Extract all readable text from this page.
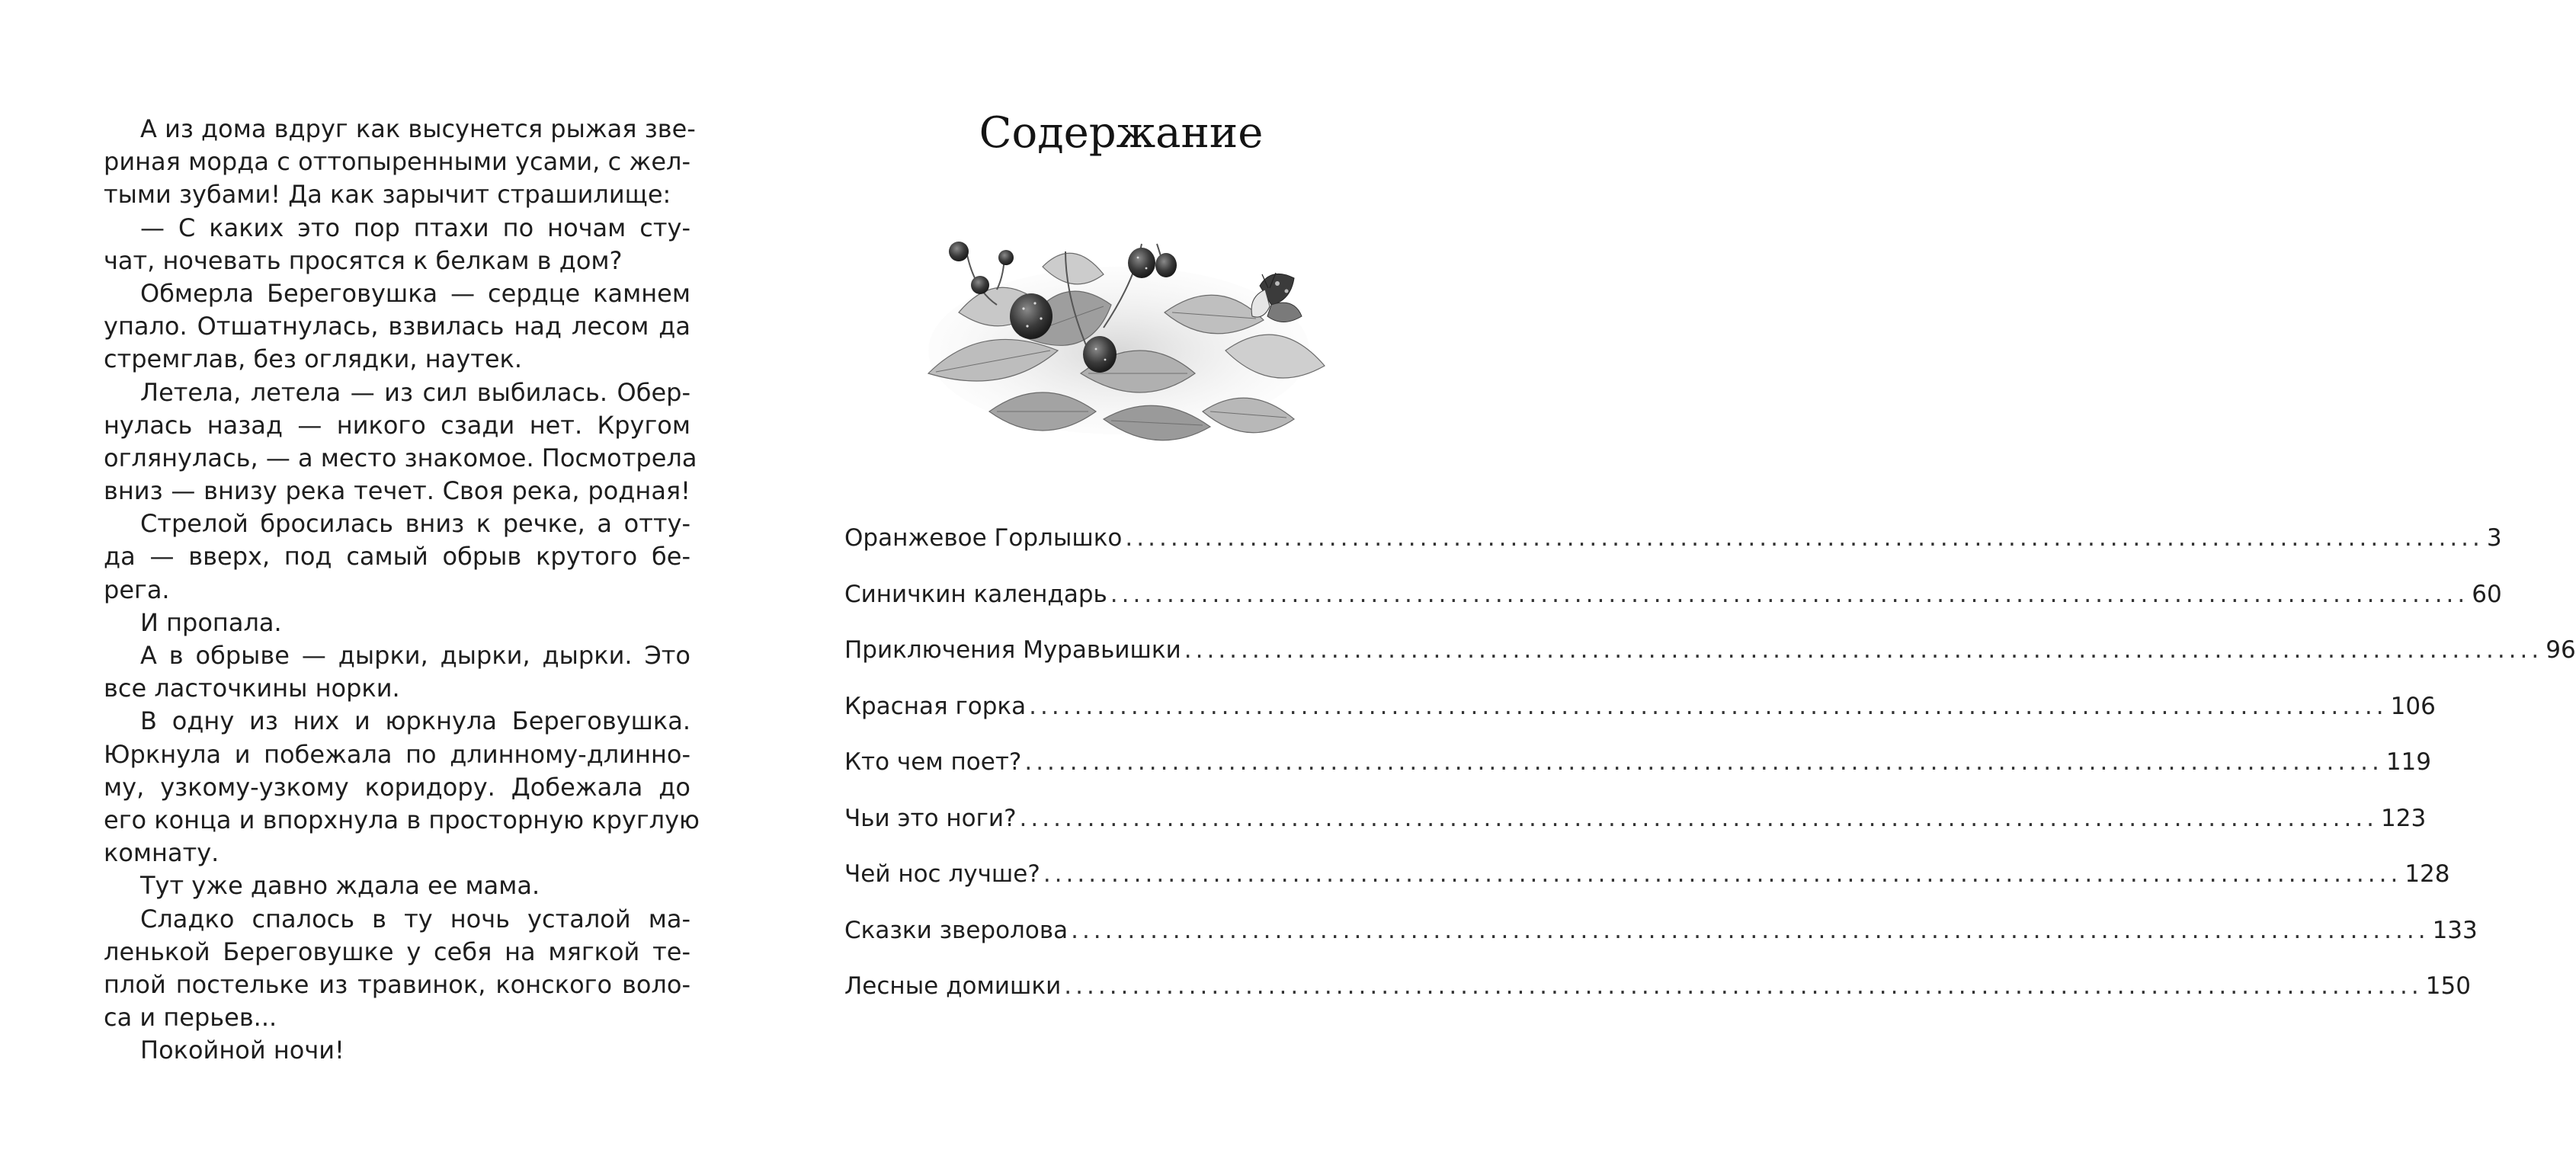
А из дома вдруг как высунется рыжая зве-
риная морда с оттопыренными усами, с жел-
тыми зубами! Да как зарычит страшилище:
— С каких это пор птахи по ночам сту-
чат, ночевать просятся к белкам в дом?
Обмерла Береговушка — сердце камнем
упало. Отшатнулась, взвилась над лесом да
стремглав, без оглядки, наутек.
Летела, летела — из сил выбилась. Обер-
нулась назад — никого сзади нет. Кругом
оглянулась, — а место знакомое. Посмотрела
вниз — внизу река течет. Своя река, родная!
Стрелой бросилась вниз к речке, а отту-
да — вверх, под самый обрыв крутого бе-
рега.
И пропала.
А в обрыве — дырки, дырки, дырки. Это
все ласточкины норки.
В одну из них и юркнула Береговушка.
Юркнула и побежала по длинному-длинно-
му, узкому-узкому коридору. Добежала до
его конца и впорхнула в просторную круглую
комнату.
Тут уже давно ждала ее мама.
Сладко спалось в ту ночь усталой ма-
ленькой Береговушке у себя на мягкой те-
плой постельке из травинок, конского воло-
са и перьев...
Покойной ночи!
Содержание
Оранжевое Горлышко ........................................................................................................................ 3
Синичкин календарь ........................................................................................................................ 60
Приключения Муравьишки ........................................................................................................................ 96
Красная горка ........................................................................................................................ 106
Кто чем поет? ........................................................................................................................ 119
Чьи это ноги? ........................................................................................................................ 123
Чей нос лучше? ........................................................................................................................ 128
Сказки зверолова ........................................................................................................................ 133
Лесные домишки ........................................................................................................................ 150
